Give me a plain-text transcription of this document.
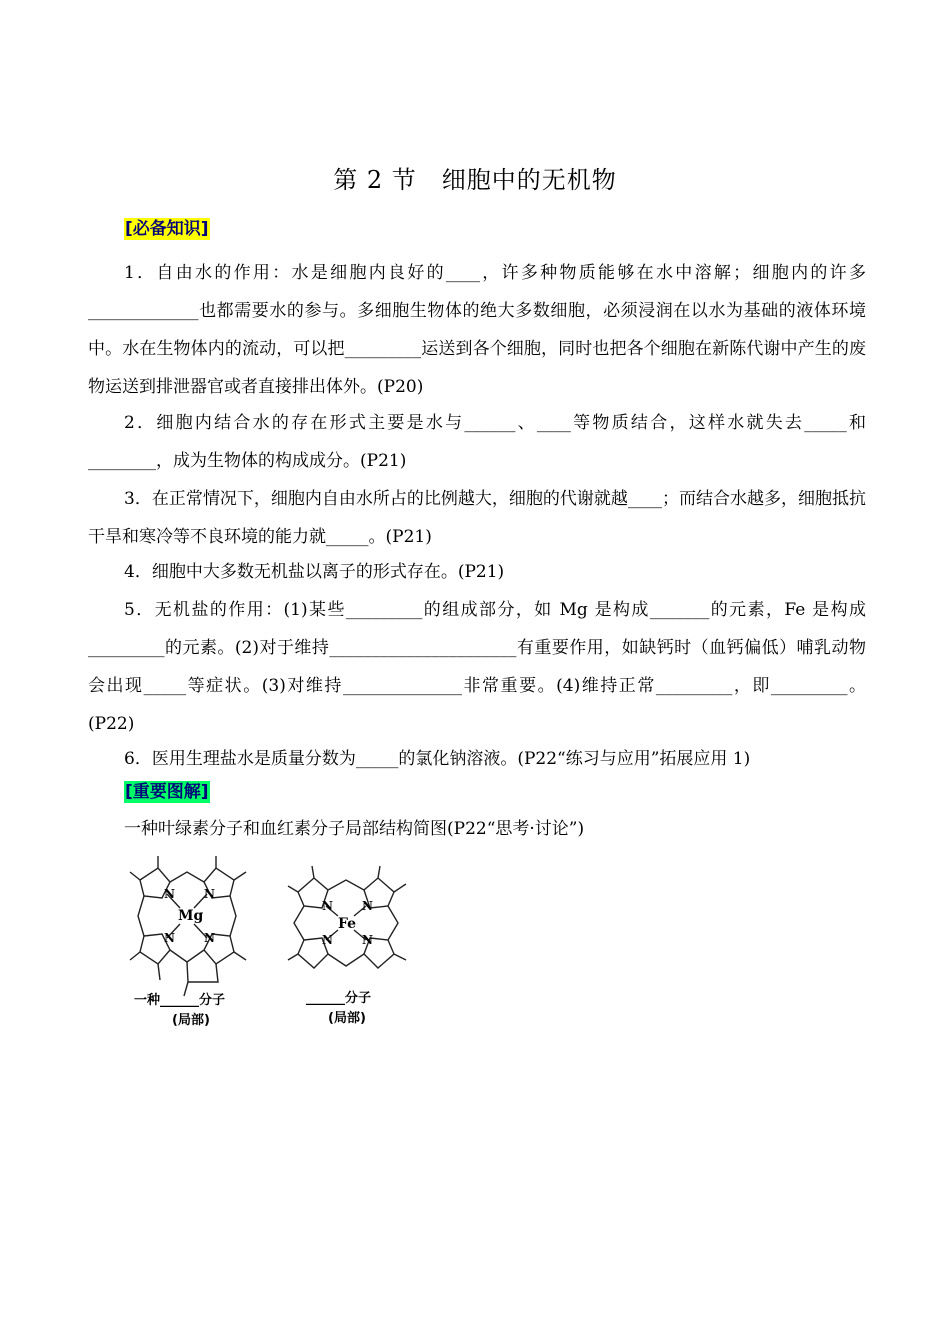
第 2 节　细胞中的无机物
[必备知识]
1．自由水的作用：水是细胞内良好的____，许多种物质能够在水中溶解；细胞内的许多_____________也都需要水的参与。多细胞生物体的绝大多数细胞，必须浸润在以水为基础的液体环境中。水在生物体内的流动，可以把_________运送到各个细胞，同时也把各个细胞在新陈代谢中产生的废物运送到排泄器官或者直接排出体外。(P20)
2．细胞内结合水的存在形式主要是水与______、____等物质结合，这样水就失去_____和________，成为生物体的构成成分。(P21)
3．在正常情况下，细胞内自由水所占的比例越大，细胞的代谢就越____；而结合水越多，细胞抵抗干旱和寒冷等不良环境的能力就_____。(P21)
4．细胞中大多数无机盐以离子的形式存在。(P21)
5．无机盐的作用：(1)某些_________的组成部分，如 Mg 是构成_______的元素，Fe 是构成_________的元素。(2)对于维持______________________有重要作用，如缺钙时（血钙偏低）哺乳动物会出现_____等症状。(3)对维持______________非常重要。(4)维持正常_________，即_________。(P22)
6．医用生理盐水是质量分数为_____的氯化钠溶液。(P22“练习与应用”拓展应用 1)
[重要图解]
一种叶绿素分子和血红素分子局部结构简图(P22“思考·讨论”)
N N
N N
Mg
一种______分子
(局部)
N N
N N
Fe
______分子
(局部)
